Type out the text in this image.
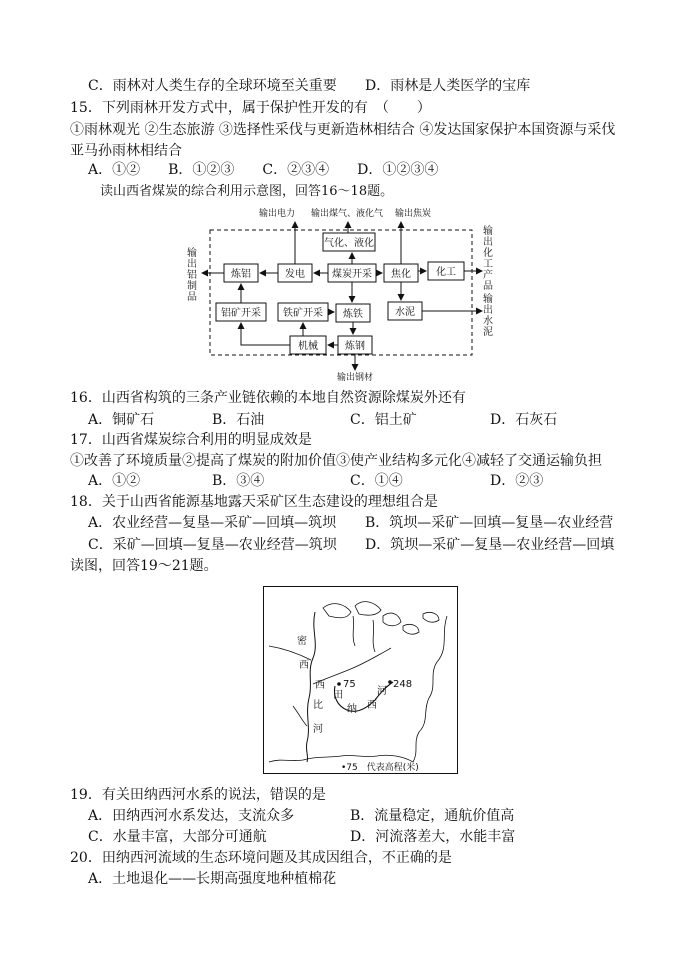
C．雨林对人类生存的全球环境至关重要 D．雨林是人类医学的宝库
15．下列雨林开发方式中，属于保护性开发的有　（　　）
①雨林观光 ②生态旅游 ③选择性采伐与更新造林相结合 ④发达国家保护本国资源与采伐
亚马孙雨林相结合
A．①②　　B．①②③　　C．②③④　　D．①②③④
读山西省煤炭的综合利用示意图，回答16～18题。
输出电力 输出煤气、液化气 输出焦炭
气化、液化
炼铝	发电	煤炭开采 焦化	化工
铝矿开采 铁矿开采 炼铁	水泥
机械	炼钢
输出钢材
输出铝制品
输出化工产品
输出水泥
16．山西省构筑的三条产业链依赖的本地自然资源除煤炭外还有
A．铜矿石	B．石油	C．铝土矿	D．石灰石
17．山西省煤炭综合利用的明显成效是
①改善了环境质量②提高了煤炭的附加价值③使产业结构多元化④减轻了交通运输负担
A．①②	B．③④	C．①④	D．②③
18．关于山西省能源基地露天采矿区生态建设的理想组合是
A．农业经营—复垦—采矿—回填—筑坝 B．筑坝—采矿—回填—复垦—农业经营
C．采矿—回填—复垦—农业经营—筑坝 D．筑坝—采矿—复垦—农业经营—回填
读图，回答19～21题。
密
西
西
比
河
田
纳 西
河
75	248
•75　代表高程(米)
19．有关田纳西河水系的说法，错误的是
A．田纳西河水系发达，支流众多	B．流量稳定，通航价值高
C．水量丰富，大部分可通航	D．河流落差大，水能丰富
20．田纳西河流域的生态环境问题及其成因组合，不正确的是
A．土地退化——长期高强度地种植棉花
